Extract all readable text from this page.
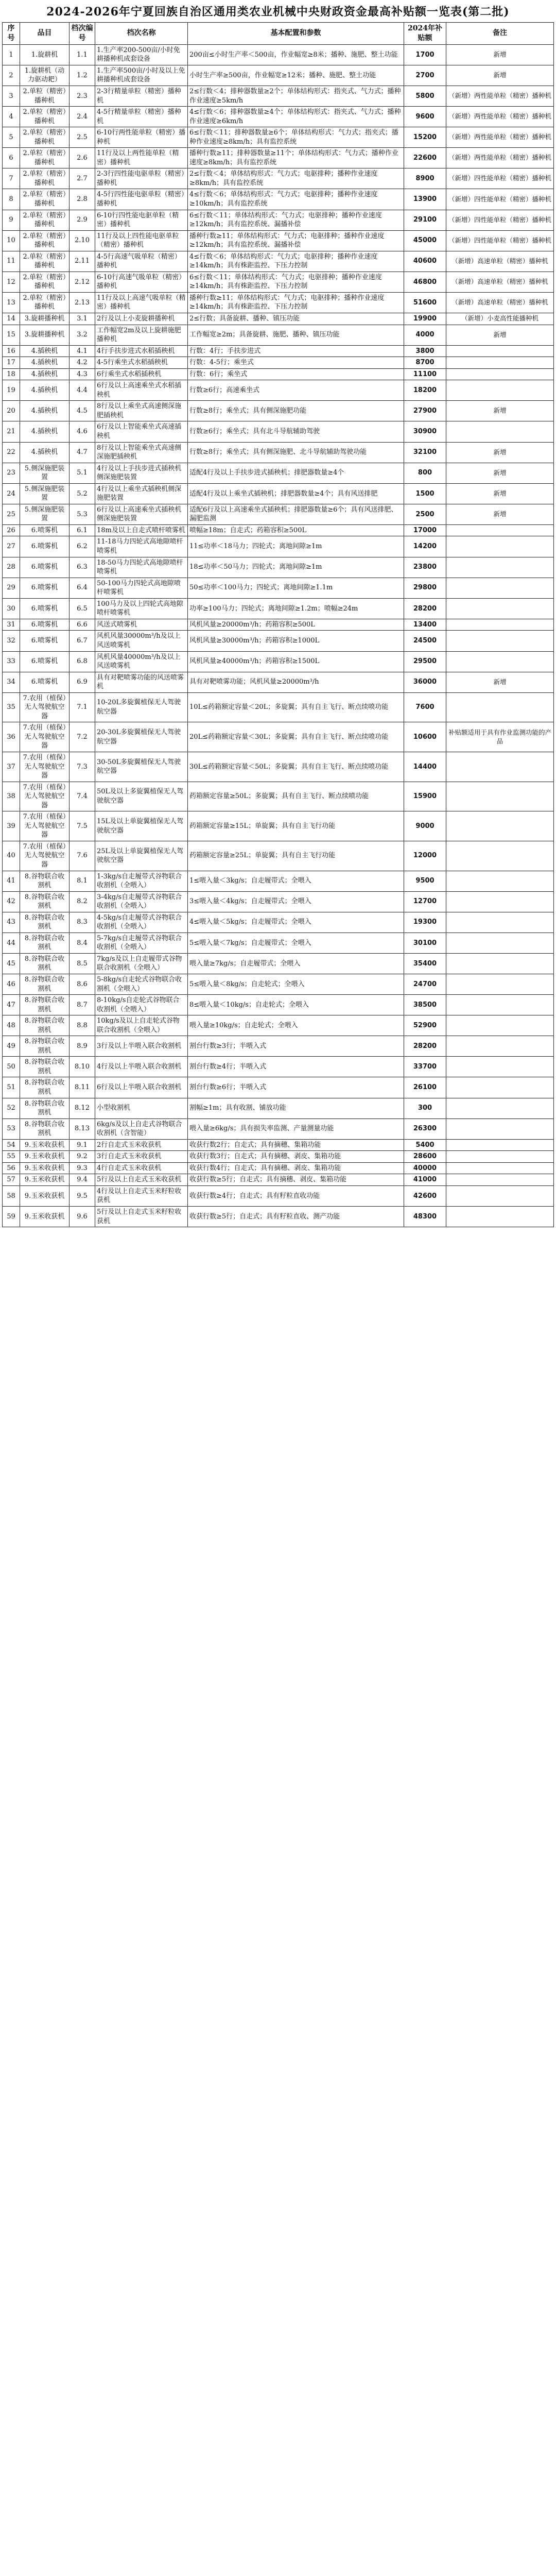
2024-2026年宁夏回族自治区通用类农业机械中央财政资金最高补贴额一览表(第二批)
序号	品目	档次编号	档次名称	基本配置和参数	2024年补贴额	备注
1	1.旋耕机	1.1	1.生产率200-500亩/小时免耕播种机成套设备	200亩≤小时生产率＜500亩，作业幅宽≥8米；播种、施肥、整土功能	1700	新增
2	1.旋耕机（动力驱动耙）	1.2	1.生产率500亩/小时及以上免耕播种机成套设备	小时生产率≥500亩，作业幅宽≥12米；播种、施肥、整土功能	2700	新增
3	2.单粒（精密）播种机	2.3	2-3行精量单粒（精密）播种机	2≤行数＜4；排种器数量≥2个；单体结构形式：指夹式、气力式；播种作业速度≥5km/h	5800	（新增）两性能单粒（精密）播种机
4	2.单粒（精密）播种机	2.4	4-5行精量单粒（精密）播种机	4≤行数＜6；排种器数量≥4个；单体结构形式：指夹式、气力式；播种作业速度≥6km/h	9600	（新增）两性能单粒（精密）播种机
5	2.单粒（精密）播种机	2.5	6-10行两性能单粒（精密）播种机	6≤行数＜11；排种器数量≥6个；单体结构形式：气力式；指夹式；播种作业速度≥8km/h；具有监控系统	15200	（新增）两性能单粒（精密）播种机
6	2.单粒（精密）播种机	2.6	11行及以上两性能单粒（精密）播种机	播种行数≥11；排种器数量≥11个；单体结构形式：气力式；播种作业速度≥8km/h；具有监控系统	22600	（新增）两性能单粒（精密）播种机
7	2.单粒（精密）播种机	2.7	2-3行四性能电驱单粒（精密）播种机	2≤行数＜4；单体结构形式：气力式；电驱排种；播种作业速度≥8km/h；具有监控系统	8900	（新增）四性能单粒（精密）播种机
8	2.单粒（精密）播种机	2.8	4-5行四性能电驱单粒（精密）播种机	4≤行数＜6；单体结构形式：气力式；电驱排种；播种作业速度≥10km/h；具有监控系统	13900	（新增）四性能单粒（精密）播种机
9	2.单粒（精密）播种机	2.9	6-10行四性能电驱单粒（精密）播种机	6≤行数＜11；单体结构形式：气力式；电驱排种；播种作业速度≥12km/h；具有监控系统、漏播补偿	29100	（新增）四性能单粒（精密）播种机
10	2.单粒（精密）播种机	2.10	11行及以上四性能电驱单粒（精密）播种机	播种行数≥11；单体结构形式：气力式；电驱排种；播种作业速度≥12km/h；具有监控系统、漏播补偿	45000	（新增）四性能单粒（精密）播种机
11	2.单粒（精密）播种机	2.11	4-5行高速气吸单粒（精密）播种机	4≤行数＜6；单体结构形式：气力式；电驱排种；播种作业速度≥14km/h；具有株距监控、下压力控制	40600	（新增）高速单粒（精密）播种机
12	2.单粒（精密）播种机	2.12	6-10行高速气吸单粒（精密）播种机	6≤行数＜11；单体结构形式：气力式；电驱排种；播种作业速度≥14km/h；具有株距监控、下压力控制	46800	（新增）高速单粒（精密）播种机
13	2.单粒（精密）播种机	2.13	11行及以上高速气吸单粒（精密）播种机	播种行数≥11；单体结构形式：气力式；电驱排种；播种作业速度≥14km/h；具有株距监控、下压力控制	51600	（新增）高速单粒（精密）播种机
14	3.旋耕播种机	3.1	2行及以上小麦旋耕播种机	2≤行数；具备旋耕、播种、镇压功能	19900	（新增）小麦高性能播种机
15	3.旋耕播种机	3.2	工作幅宽2m及以上旋耕施肥播种机	工作幅宽≥2m；具备旋耕、施肥、播种、镇压功能	4000	新增
16	4.插秧机	4.1	4行手扶步进式水稻插秧机	行数：4行；手扶步进式	3800	
17	4.插秧机	4.2	4-5行乘坐式水稻插秧机	行数：4-5行；乘坐式	8700	
18	4.插秧机	4.3	6行乘坐式水稻插秧机	行数：6行；乘坐式	11100	
19	4.插秧机	4.4	6行及以上高速乘坐式水稻插秧机	行数≥6行；高速乘坐式	18200	
20	4.插秧机	4.5	8行及以上乘坐式高速侧深施肥插秧机	行数≥8行；乘坐式；具有侧深施肥功能	27900	新增
21	4.插秧机	4.6	6行及以上智能乘坐式高速插秧机	行数≥6行；乘坐式；具有北斗导航辅助驾驶	30900	
22	4.插秧机	4.7	8行及以上智能乘坐式高速侧深施肥插秧机	行数≥8行；乘坐式；具有侧深施肥、北斗导航辅助驾驶功能	32100	新增
23	5.侧深施肥装置	5.1	4行及以上手扶步进式插秧机侧深施肥装置	适配4行及以上手扶步进式插秧机；排肥器数量≥4个	800	新增
24	5.侧深施肥装置	5.2	4行及以上乘坐式插秧机侧深施肥装置	适配4行及以上乘坐式插秧机；排肥器数量≥4个；具有风送排肥	1500	新增
25	5.侧深施肥装置	5.3	6行及以上高速乘坐式插秧机侧深施肥装置	适配6行及以上高速乘坐式插秧机；排肥器数量≥6个；具有风送排肥、漏肥监测	2500	新增
26	6.喷雾机	6.1	18m及以上自走式喷杆喷雾机	喷幅≥18m；自走式；药箱容积≥500L	17000	
27	6.喷雾机	6.2	11-18马力四轮式高地隙喷杆喷雾机	11≤功率＜18马力；四轮式；离地间隙≥1m	14200	
28	6.喷雾机	6.3	18-50马力四轮式高地隙喷杆喷雾机	18≤功率＜50马力；四轮式；离地间隙≥1m	23800	
29	6.喷雾机	6.4	50-100马力四轮式高地隙喷杆喷雾机	50≤功率＜100马力；四轮式；离地间隙≥1.1m	29800	
30	6.喷雾机	6.5	100马力及以上四轮式高地隙喷杆喷雾机	功率≥100马力；四轮式；离地间隙≥1.2m；喷幅≥24m	28200	
31	6.喷雾机	6.6	风送式喷雾机	风机风量≥20000m³/h；药箱容积≥500L	13400	
32	6.喷雾机	6.7	风机风量30000m³/h及以上风送喷雾机	风机风量≥30000m³/h；药箱容积≥1000L	24500	
33	6.喷雾机	6.8	风机风量40000m³/h及以上风送喷雾机	风机风量≥40000m³/h；药箱容积≥1500L	29500	
34	6.喷雾机	6.9	具有对靶喷雾功能的风送喷雾机	具有对靶喷雾功能；风机风量≥20000m³/h	36000	新增
35	7.农用（植保）无人驾驶航空器	7.1	10-20L多旋翼植保无人驾驶航空器	10L≤药箱额定容量＜20L；多旋翼；具有自主飞行、断点续喷功能	7600	
36	7.农用（植保）无人驾驶航空器	7.2	20-30L多旋翼植保无人驾驶航空器	20L≤药箱额定容量＜30L；多旋翼；具有自主飞行、断点续喷功能	10600	补贴额适用于具有作业监测功能的产品
37	7.农用（植保）无人驾驶航空器	7.3	30-50L多旋翼植保无人驾驶航空器	30L≤药箱额定容量＜50L；多旋翼；具有自主飞行、断点续喷功能	14400	
38	7.农用（植保）无人驾驶航空器	7.4	50L及以上多旋翼植保无人驾驶航空器	药箱额定容量≥50L；多旋翼；具有自主飞行、断点续喷功能	15900	
39	7.农用（植保）无人驾驶航空器	7.5	15L及以上单旋翼植保无人驾驶航空器	药箱额定容量≥15L；单旋翼；具有自主飞行功能	9000	
40	7.农用（植保）无人驾驶航空器	7.6	25L及以上单旋翼植保无人驾驶航空器	药箱额定容量≥25L；单旋翼；具有自主飞行功能	12000	
41	8.谷物联合收割机	8.1	1-3kg/s自走履带式谷物联合收割机（全喂入）	1≤喂入量＜3kg/s；自走履带式；全喂入	9500	
42	8.谷物联合收割机	8.2	3-4kg/s自走履带式谷物联合收割机（全喂入）	3≤喂入量＜4kg/s；自走履带式；全喂入	12700	
43	8.谷物联合收割机	8.3	4-5kg/s自走履带式谷物联合收割机（全喂入）	4≤喂入量＜5kg/s；自走履带式；全喂入	19300	
44	8.谷物联合收割机	8.4	5-7kg/s自走履带式谷物联合收割机（全喂入）	5≤喂入量＜7kg/s；自走履带式；全喂入	30100	
45	8.谷物联合收割机	8.5	7kg/s及以上自走履带式谷物联合收割机（全喂入）	喂入量≥7kg/s；自走履带式；全喂入	35400	
46	8.谷物联合收割机	8.6	5-8kg/s自走轮式谷物联合收割机（全喂入）	5≤喂入量＜8kg/s；自走轮式；全喂入	24700	
47	8.谷物联合收割机	8.7	8-10kg/s自走轮式谷物联合收割机（全喂入）	8≤喂入量＜10kg/s；自走轮式；全喂入	38500	
48	8.谷物联合收割机	8.8	10kg/s及以上自走轮式谷物联合收割机（全喂入）	喂入量≥10kg/s；自走轮式；全喂入	52900	
49	8.谷物联合收割机	8.9	3行及以上半喂入联合收割机	割台行数≥3行；半喂入式	28200	
50	8.谷物联合收割机	8.10	4行及以上半喂入联合收割机	割台行数≥4行；半喂入式	33700	
51	8.谷物联合收割机	8.11	6行及以上半喂入联合收割机	割台行数≥6行；半喂入式	26100	
52	8.谷物联合收割机	8.12	小型收割机	割幅≥1m；具有收割、铺放功能	300	
53	8.谷物联合收割机	8.13	6kg/s及以上自走式谷物联合收割机（含智能）	喂入量≥6kg/s；具有损失率监测、产量测量功能	26300	
54	9.玉米收获机	9.1	2行自走式玉米收获机	收获行数2行；自走式；具有摘穗、集箱功能	5400	
55	9.玉米收获机	9.2	3行自走式玉米收获机	收获行数3行；自走式；具有摘穗、剥皮、集箱功能	28600	
56	9.玉米收获机	9.3	4行自走式玉米收获机	收获行数4行；自走式；具有摘穗、剥皮、集箱功能	40000	
57	9.玉米收获机	9.4	5行及以上自走式玉米收获机	收获行数≥5行；自走式；具有摘穗、剥皮、集箱功能	41000	
58	9.玉米收获机	9.5	4行及以上自走式玉米籽粒收获机	收获行数≥4行；自走式；具有籽粒直收功能	42600	
59	9.玉米收获机	9.6	5行及以上自走式玉米籽粒收获机	收获行数≥5行；自走式；具有籽粒直收、测产功能	48300	
